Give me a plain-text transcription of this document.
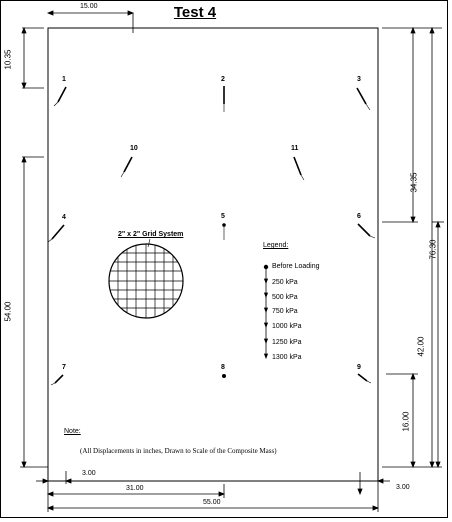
Test 4
15.00
10.35
54.00
34.35
76.30
42.00
16.00
3.00
31.00
55.00
3.00
1	2	3
10	11
4	5	6
7	8	9
2" x 2" Grid System
Legend:
Before Loading
250 kPa
500 kPa
750 kPa
1000 kPa
1250 kPa
1300 kPa
Note:
(All Displacements in inches, Drawn to Scale of the Composite Mass)
